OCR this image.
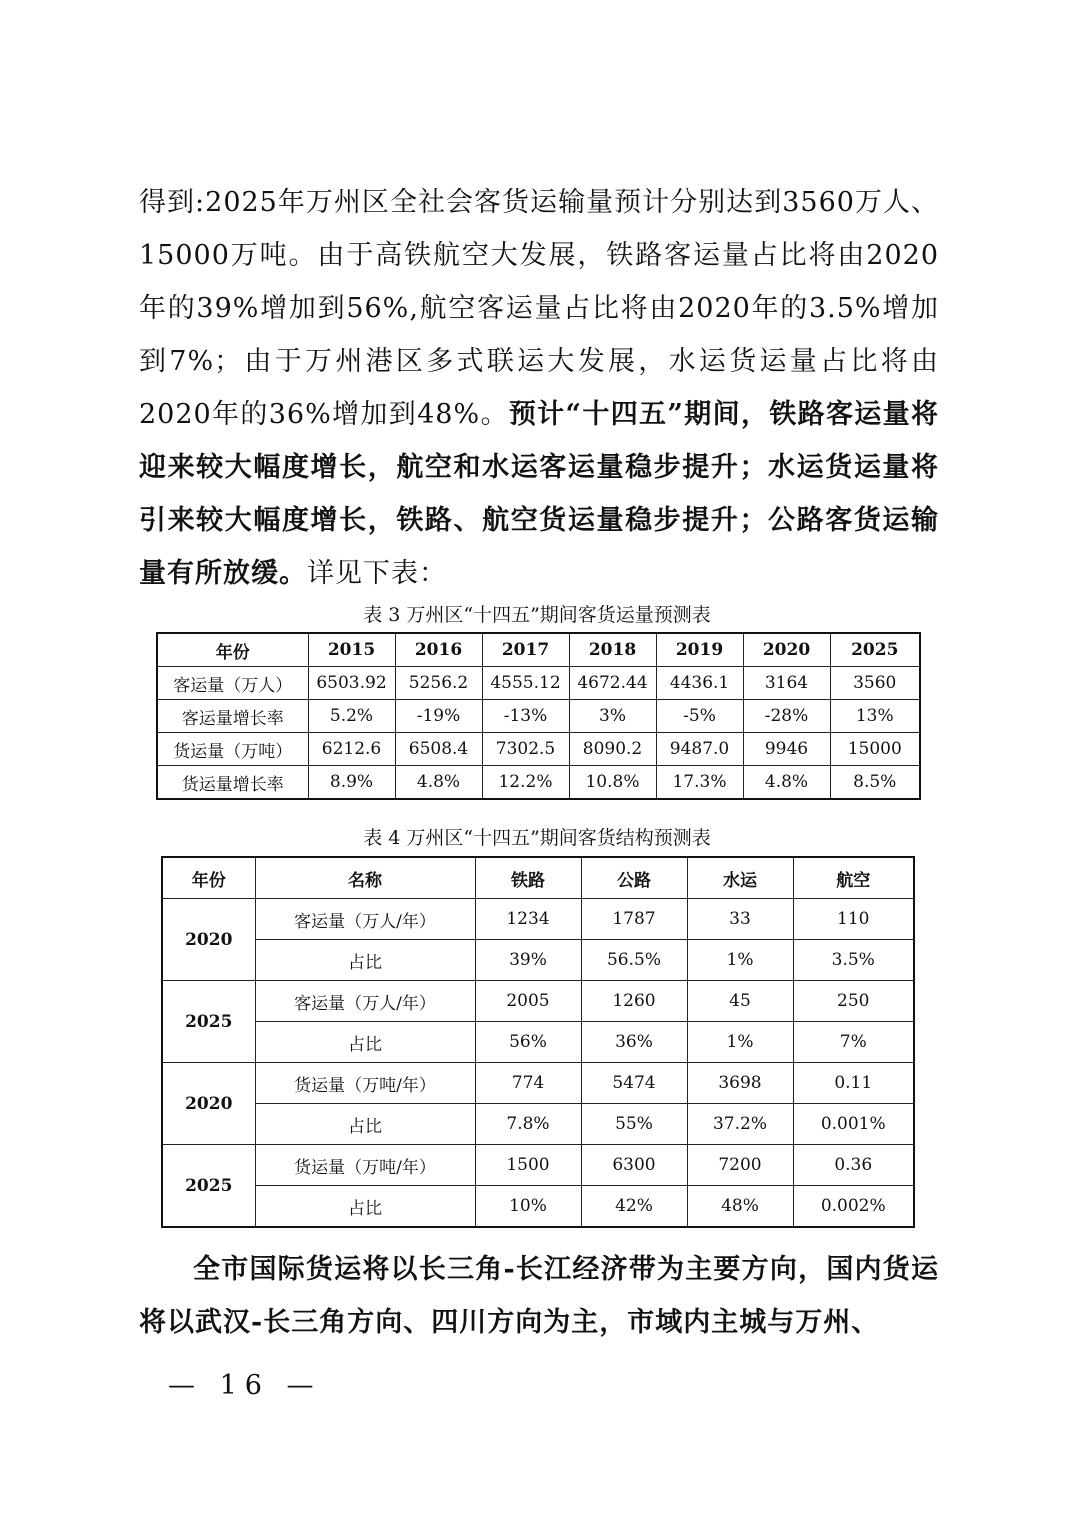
得到:2025年万州区全社会客货运输量预计分别达到3560万人、15000万吨。由于高铁航空大发展，铁路客运量占比将由2020年的39%增加到56%,航空客运量占比将由2020年的3.5%增加到7%；由于万州港区多式联运大发展，水运货运量占比将由2020年的36%增加到48%。预计“十四五”期间，铁路客运量将迎来较大幅度增长，航空和水运客运量稳步提升；水运货运量将引来较大幅度增长，铁路、航空货运量稳步提升；公路客货运输量有所放缓。详见下表：

表 3 万州区“十四五”期间客货运量预测表
年份	2015	2016	2017	2018	2019	2020	2025
客运量（万人）	6503.92	5256.2	4555.12	4672.44	4436.1	3164	3560
客运量增长率	5.2%	-19%	-13%	3%	-5%	-28%	13%
货运量（万吨）	6212.6	6508.4	7302.5	8090.2	9487.0	9946	15000
货运量增长率	8.9%	4.8%	12.2%	10.8%	17.3%	4.8%	8.5%
表 4 万州区“十四五”期间客货结构预测表
年份	名称	铁路	公路	水运	航空
2020	客运量（万人/年）	1234	1787	33	110
	占比	39%	56.5%	1%	3.5%
2025	客运量（万人/年）	2005	1260	45	250
	占比	56%	36%	1%	7%
2020	货运量（万吨/年）	774	5474	3698	0.11
	占比	7.8%	55%	37.2%	0.001%
2025	货运量（万吨/年）	1500	6300	7200	0.36
	占比	10%	42%	48%	0.002%

全市国际货运将以长三角-长江经济带为主要方向，国内货运将以武汉-长三角方向、四川方向为主，市域内主城与万州、

— 16 —
